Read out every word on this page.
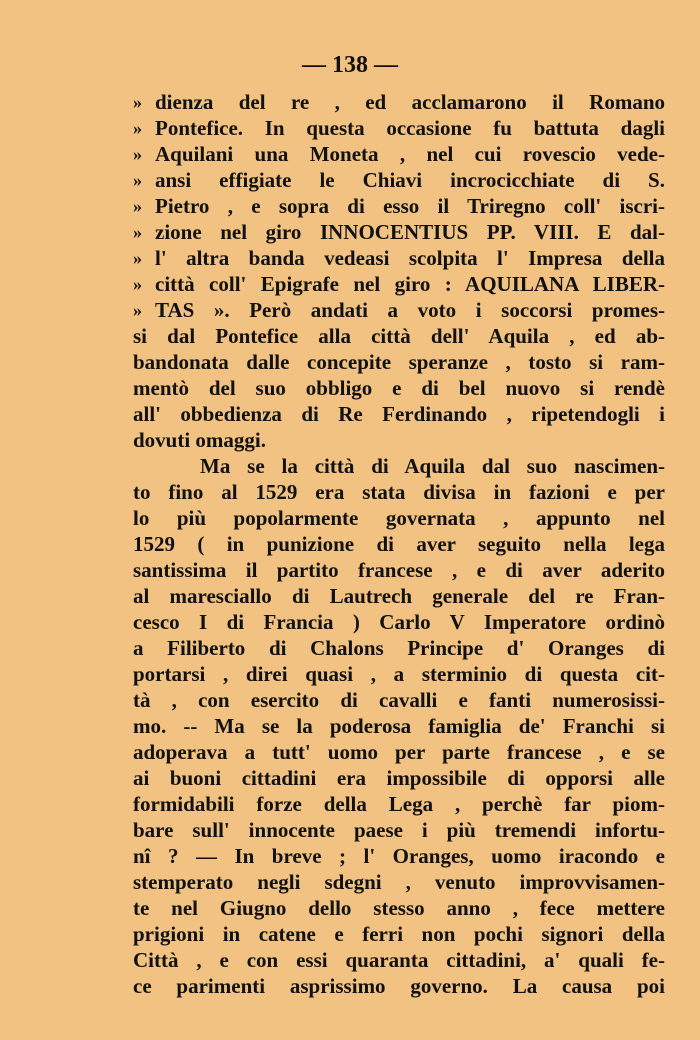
— 138 —
» dienza del re , ed acclamarono il Romano
» Pontefice. In questa occasione fu battuta dagli
» Aquilani una Moneta , nel cui rovescio vede-
» ansi effigiate le Chiavi incrocicchiate di S.
» Pietro , e sopra di esso il Triregno coll' iscri-
» zione nel giro INNOCENTIUS PP. VIII. E dal-
» l' altra banda vedeasi scolpita l' Impresa della
» città coll' Epigrafe nel giro : AQUILANA LIBER-
» TAS ». Però andati a voto i soccorsi promes-
si dal Pontefice alla città dell' Aquila , ed ab-
bandonata dalle concepite speranze , tosto si ram-
mentò del suo obbligo e di bel nuovo si rendè
all' obbedienza di Re Ferdinando , ripetendogli i
dovuti omaggi.
Ma se la città di Aquila dal suo nascimen-
to fino al 1529 era stata divisa in fazioni e per
lo più popolarmente governata , appunto nel
1529 ( in punizione di aver seguito nella lega
santissima il partito francese , e di aver aderito
al maresciallo di Lautrech generale del re Fran-
cesco I di Francia ) Carlo V Imperatore ordinò
a Filiberto di Chalons Principe d' Oranges di
portarsi , direi quasi , a sterminio di questa cit-
tà , con esercito di cavalli e fanti numerosissi-
mo. -- Ma se la poderosa famiglia de' Franchi si
adoperava a tutt' uomo per parte francese , e se
ai buoni cittadini era impossibile di opporsi alle
formidabili forze della Lega , perchè far piom-
bare sull' innocente paese i più tremendi infortu-
nî ? — In breve ; l' Oranges, uomo iracondo e
stemperato negli sdegni , venuto improvvisamen-
te nel Giugno dello stesso anno , fece mettere
prigioni in catene e ferri non pochi signori della
Città , e con essi quaranta cittadini, a' quali fe-
ce parimenti asprissimo governo. La causa poi
